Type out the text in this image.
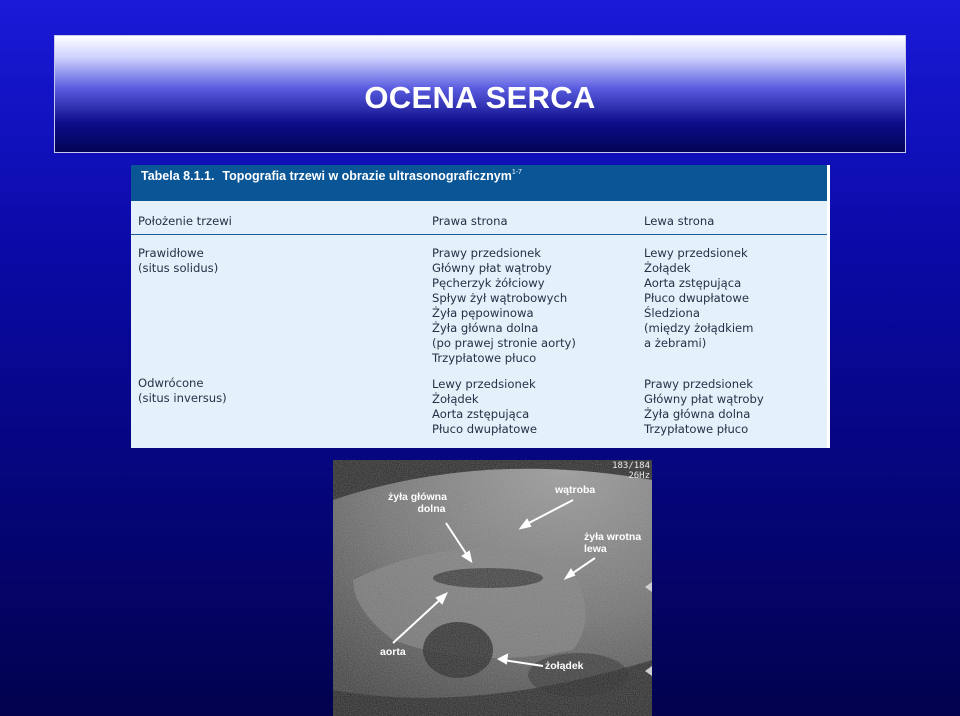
OCENA SERCA
Tabela 8.1.1. Topografia trzewi w obrazie ultrasonograficznym$^{1-7}$
Położenie trzewi	Prawa strona	Lewa strona
Prawidłowe
(situs solidus)
Prawy przedsionek
Główny płat wątroby
Pęcherzyk żółciowy
Spływ żył wątrobowych
Żyła pępowinowa
Żyła główna dolna
(po prawej stronie aorty)
Trzypłatowe płuco
Lewy przedsionek
Żołądek
Aorta zstępująca
Płuco dwupłatowe
Śledziona
(między żołądkiem
a żebrami)
Odwrócone
(situs inversus)
Lewy przedsionek
Żołądek
Aorta zstępująca
Płuco dwupłatowe
Prawy przedsionek
Główny płat wątroby
Żyła główna dolna
Trzypłatowe płuco
183/184
26Hz
żyła główna
dolna
wątroba
żyła wrotna
lewa
aorta
żołądek
